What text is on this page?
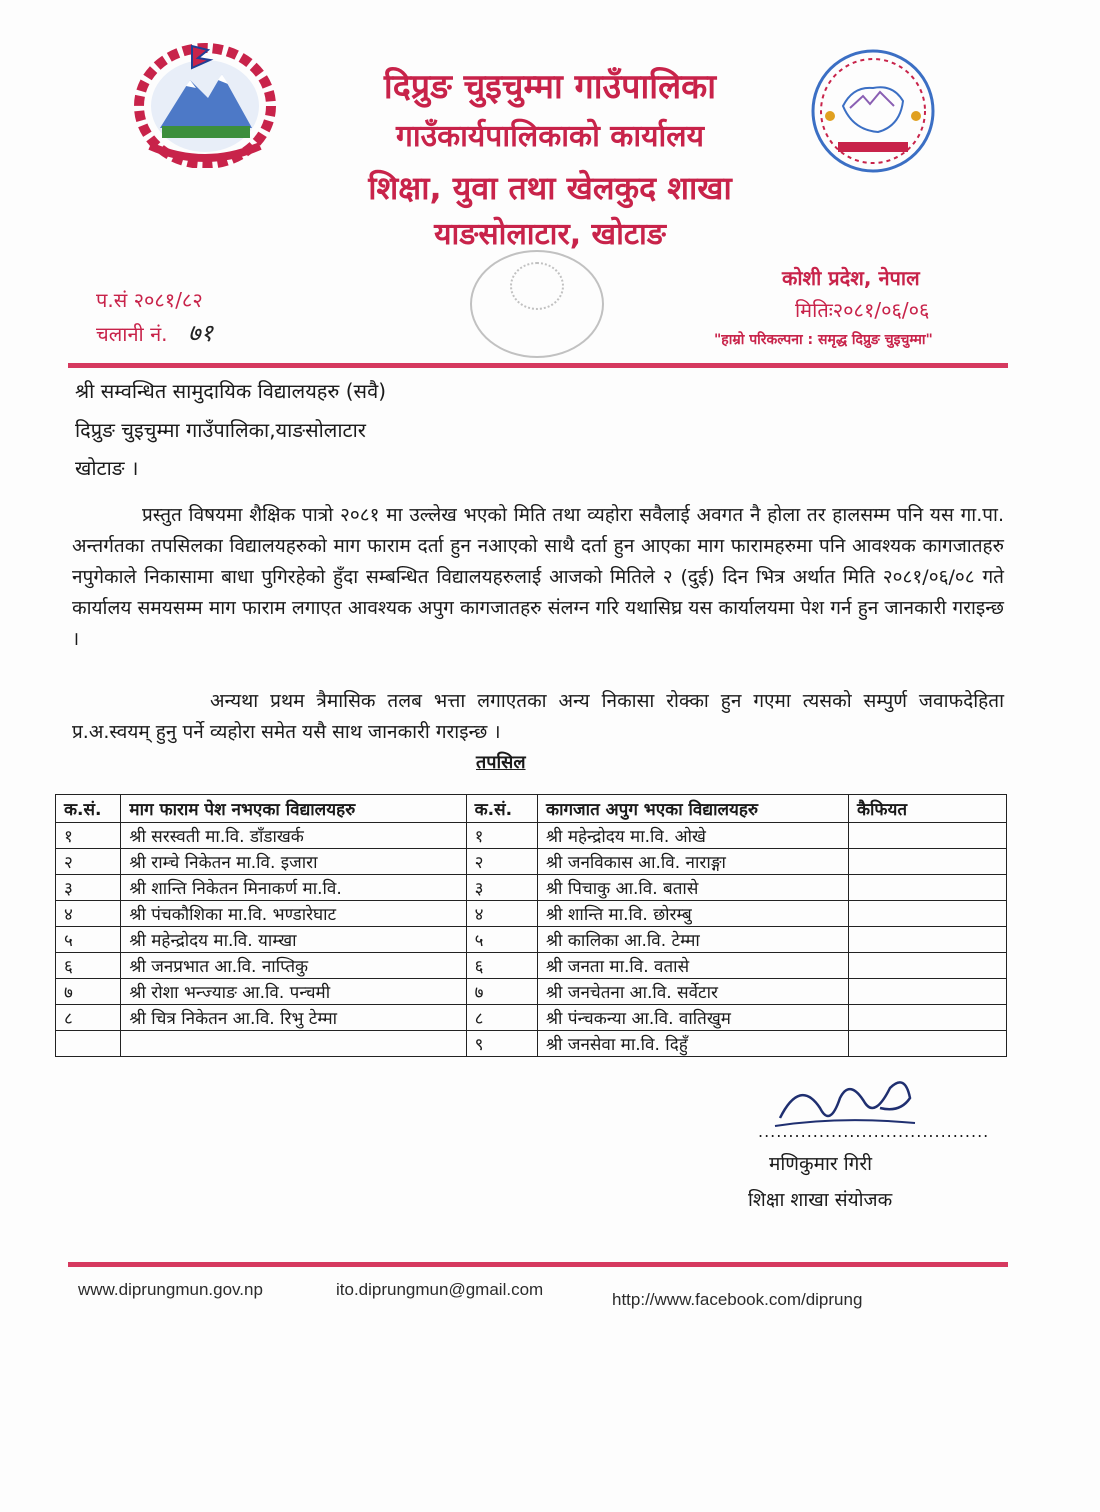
दिप्रुङ चुइचुम्मा गाउँपालिका
गाउँकार्यपालिकाको कार्यालय
शिक्षा, युवा तथा खेलकुद शाखा
याङसोलाटार, खोटाङ
कोशी प्रदेश, नेपाल
मितिः२०८१/०६/०६
"हाम्रो परिकल्पना : समृद्ध दिप्रुङ चुइचुम्मा"
प.सं २०८१/८२
चलानी नं. ७१
श्री सम्वन्धित सामुदायिक विद्यालयहरु (सवै)
दिप्रुङ चुइचुम्मा गाउँपालिका,याङसोलाटार
खोटाङ ।
प्रस्तुत विषयमा शैक्षिक पात्रो २०८१ मा उल्लेख भएको मिति तथा व्यहोरा सवैलाई अवगत नै होला तर हालसम्म पनि यस गा.पा. अन्तर्गतका तपसिलका विद्यालयहरुको माग फाराम दर्ता हुन नआएको साथै दर्ता हुन आएका माग फारामहरुमा पनि आवश्यक कागजातहरु नपुगेकाले निकासामा बाधा पुगिरहेको हुँदा सम्बन्धित विद्यालयहरुलाई आजको मितिले २ (दुई) दिन भित्र अर्थात मिति २०८१/०६/०८ गते कार्यालय समयसम्म माग फाराम लगाएत आवश्यक अपुग कागजातहरु संलग्न गरि यथासिघ्र यस कार्यालयमा पेश गर्न हुन जानकारी गराइन्छ ।
अन्यथा प्रथम त्रैमासिक तलब भत्ता लगाएतका अन्य निकासा रोक्का हुन गएमा त्यसको सम्पुर्ण जवाफदेहिता प्र.अ.स्वयम् हुनु पर्ने व्यहोरा समेत यसै साथ जानकारी गराइन्छ ।
तपसिल
क.सं.	माग फाराम पेश नभएका विद्यालयहरु	क.सं.	कागजात अपुग भएका विद्यालयहरु	कैफियत
१	श्री सरस्वती मा.वि. डाँडाखर्क	१	श्री महेन्द्रोदय मा.वि. ओखे	
२	श्री राम्चे निकेतन मा.वि. इजारा	२	श्री जनविकास आ.वि. नाराङ्गा	
३	श्री शान्ति निकेतन मिनाकर्ण मा.वि.	३	श्री पिचाकु आ.वि. बतासे	
४	श्री पंचकौशिका मा.वि. भण्डारेघाट	४	श्री शान्ति मा.वि. छोरम्बु	
५	श्री महेन्द्रोदय मा.वि. याम्खा	५	श्री कालिका आ.वि. टेम्मा	
६	श्री जनप्रभात आ.वि. नाप्तिकु	६	श्री जनता मा.वि. वतासे	
७	श्री रोशा भन्ज्याङ आ.वि. पन्चमी	७	श्री जनचेतना आ.वि. सर्वेटार	
८	श्री चित्र निकेतन आ.वि. रिभु टेम्मा	८	श्री पंन्चकन्या आ.वि. वातिखुम	
		९	श्री जनसेवा मा.वि. दिहुँ	
......................................
मणिकुमार गिरी
शिक्षा शाखा संयोजक
www.diprungmun.gov.np	ito.diprungmun@gmail.com
http://www.facebook.com/diprung
